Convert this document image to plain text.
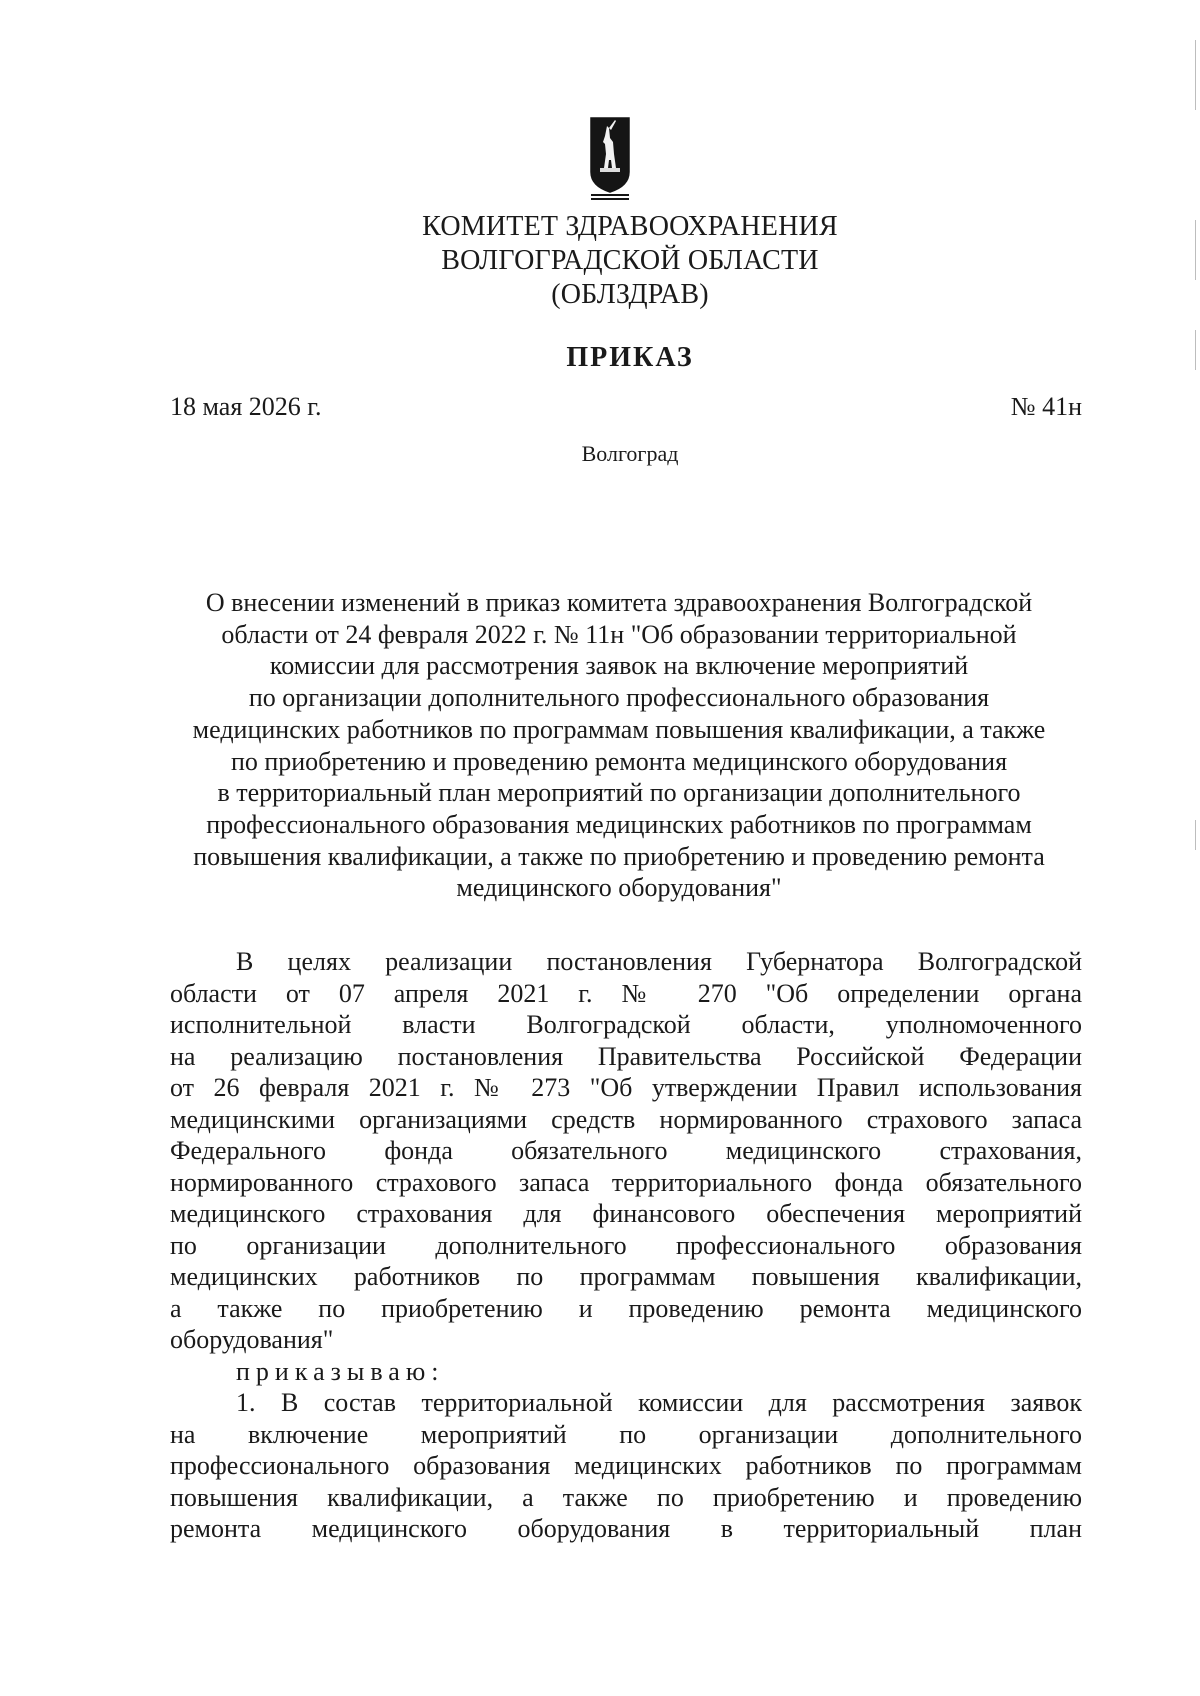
КОМИТЕТ ЗДРАВООХРАНЕНИЯ
ВОЛГОГРАДСКОЙ ОБЛАСТИ
(ОБЛЗДРАВ)
ПРИКАЗ
18 мая 2026 г.	№ 41н
Волгоград
О внесении изменений в приказ комитета здравоохранения Волгоградской
области от 24 февраля 2022 г. № 11н "Об образовании территориальной
комиссии для рассмотрения заявок на включение мероприятий
по организации дополнительного профессионального образования
медицинских работников по программам повышения квалификации, а также
по приобретению и проведению ремонта медицинского оборудования
в территориальный план мероприятий по организации дополнительного
профессионального образования медицинских работников по программам
повышения квалификации, а также по приобретению и проведению ремонта
медицинского оборудования"
В целях реализации постановления Губернатора Волгоградской
области от 07 апреля 2021 г. № 270 "Об определении органа
исполнительной власти Волгоградской области, уполномоченного
на реализацию постановления Правительства Российской Федерации
от 26 февраля 2021 г. № 273 "Об утверждении Правил использования
медицинскими организациями средств нормированного страхового запаса
Федерального фонда обязательного медицинского страхования,
нормированного страхового запаса территориального фонда обязательного
медицинского страхования для финансового обеспечения мероприятий
по организации дополнительного профессионального образования
медицинских работников по программам повышения квалификации,
а также по приобретению и проведению ремонта медицинского
оборудования"
приказываю:
1. В состав территориальной комиссии для рассмотрения заявок
на включение мероприятий по организации дополнительного
профессионального образования медицинских работников по программам
повышения квалификации, а также по приобретению и проведению
ремонта медицинского оборудования в территориальный план
